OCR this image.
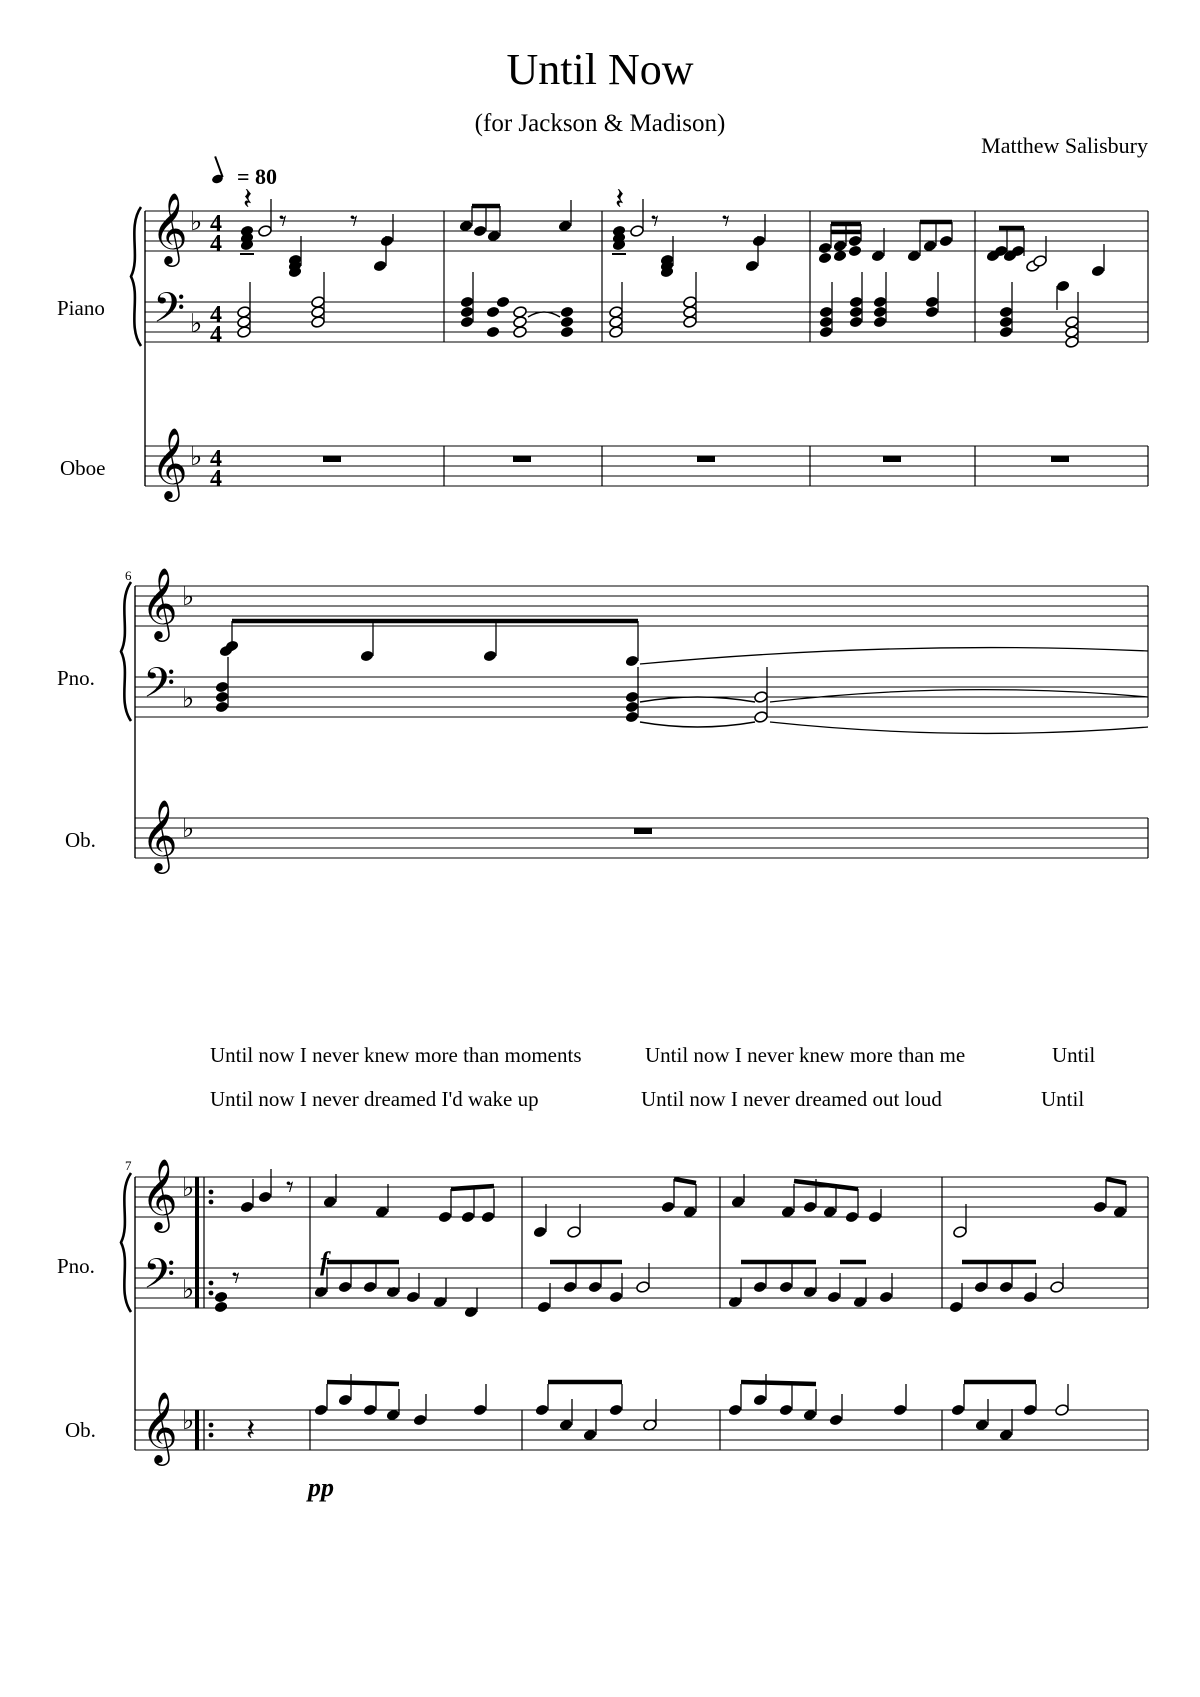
Until Now
(for Jackson & Madison)
Matthew Salisbury
= 80
Until now I never knew more than moments	Until now I never knew more than me	Until
Until now I never dreamed I'd wake up	Until now I never dreamed out loud	Until
Piano
Oboe
𝄞
𝄢
𝄞
♭
♭
♭
4
4
4
4
4
4
𝄽
𝄾 𝄾
𝄽
𝄾 𝄾
6
Pno.
Ob.
𝄞
𝄢
𝄞
♭
♭
♭
7
Pno.
Ob.
𝄞
𝄢
𝄞
♭
♭
♭
f
pp
𝄾
𝄾
𝄽
